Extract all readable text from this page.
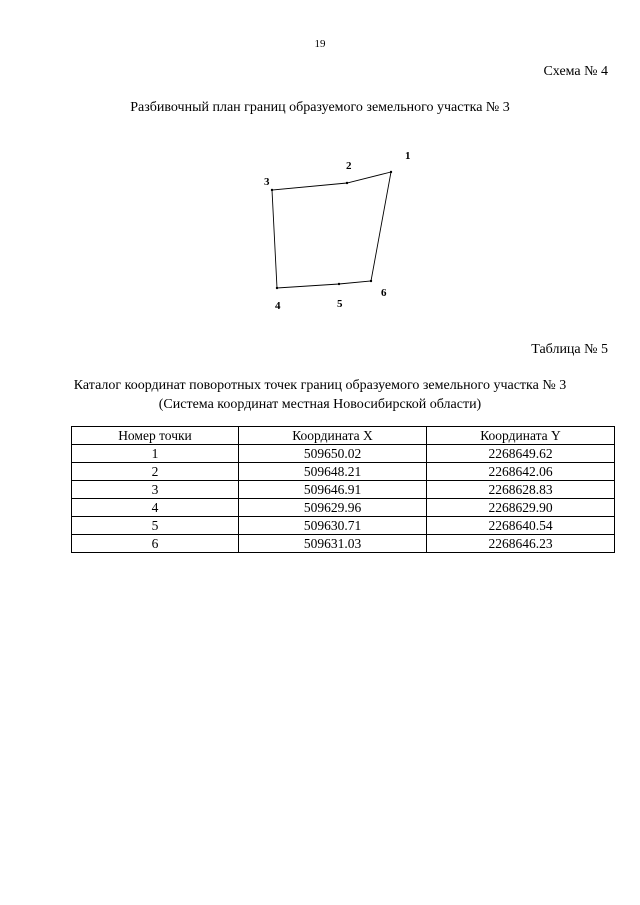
19
Схема № 4
Разбивочный план границ образуемого земельного участка № 3
1
2
3
4	5
6
Таблица № 5
Каталог координат поворотных точек границ образуемого земельного участка № 3
(Система координат местная Новосибирской области)
Номер точки	Координата X	Координата Y
1	509650.02	2268649.62
2	509648.21	2268642.06
3	509646.91	2268628.83
4	509629.96	2268629.90
5	509630.71	2268640.54
6	509631.03	2268646.23
